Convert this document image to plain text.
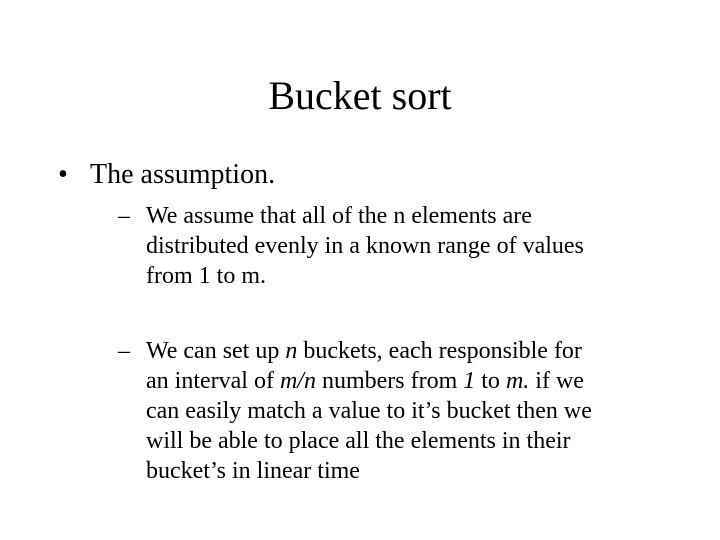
Bucket sort
• The assumption.
– We assume that all of the n elements are
distributed evenly in a known range of values
from 1 to m.
– We can set up n buckets, each responsible for
an interval of m/n numbers from 1 to m. if we
can easily match a value to it’s bucket then we
will be able to place all the elements in their
bucket’s in linear time
